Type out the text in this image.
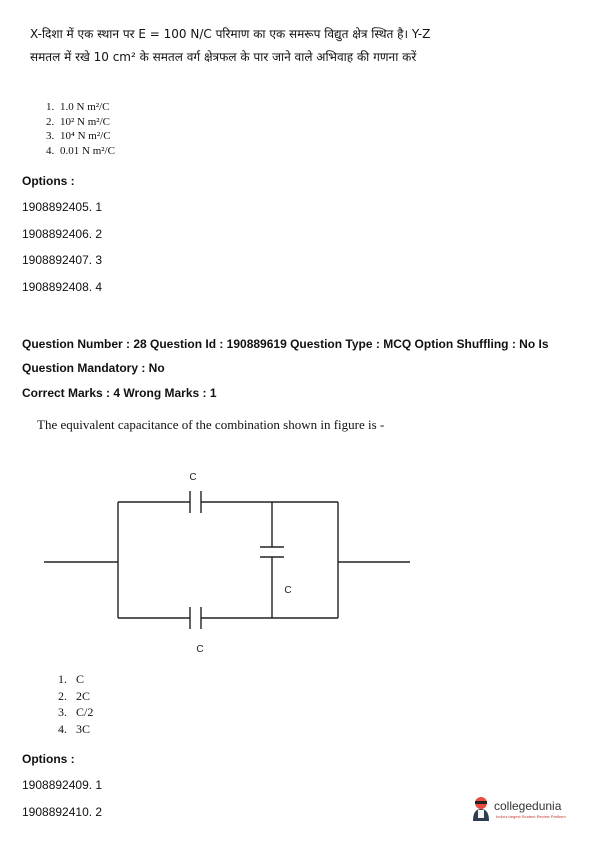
X-दिशा में एक स्थान पर E = 100 N/C परिमाण का एक समरूप विद्युत क्षेत्र स्थित है। Y-Z
समतल में रखे 10 cm² के समतल वर्ग क्षेत्रफल के पार जाने वाले अभिवाह की गणना करें
1. 1.0 N m²/C
2. 10² N m²/C
3. 10⁴ N m²/C
4. 0.01 N m²/C
Options :
1908892405. 1
1908892406. 2
1908892407. 3
1908892408. 4
Question Number : 28 Question Id : 190889619 Question Type : MCQ Option Shuffling : No Is
Question Mandatory : No
Correct Marks : 4 Wrong Marks : 1
The equivalent capacitance of the combination shown in figure is -
C
C
C
1. C
2. 2C
3. C/2
4. 3C
Options :
1908892409. 1
1908892410. 2	collegedunia
India's largest Student Review Platform
